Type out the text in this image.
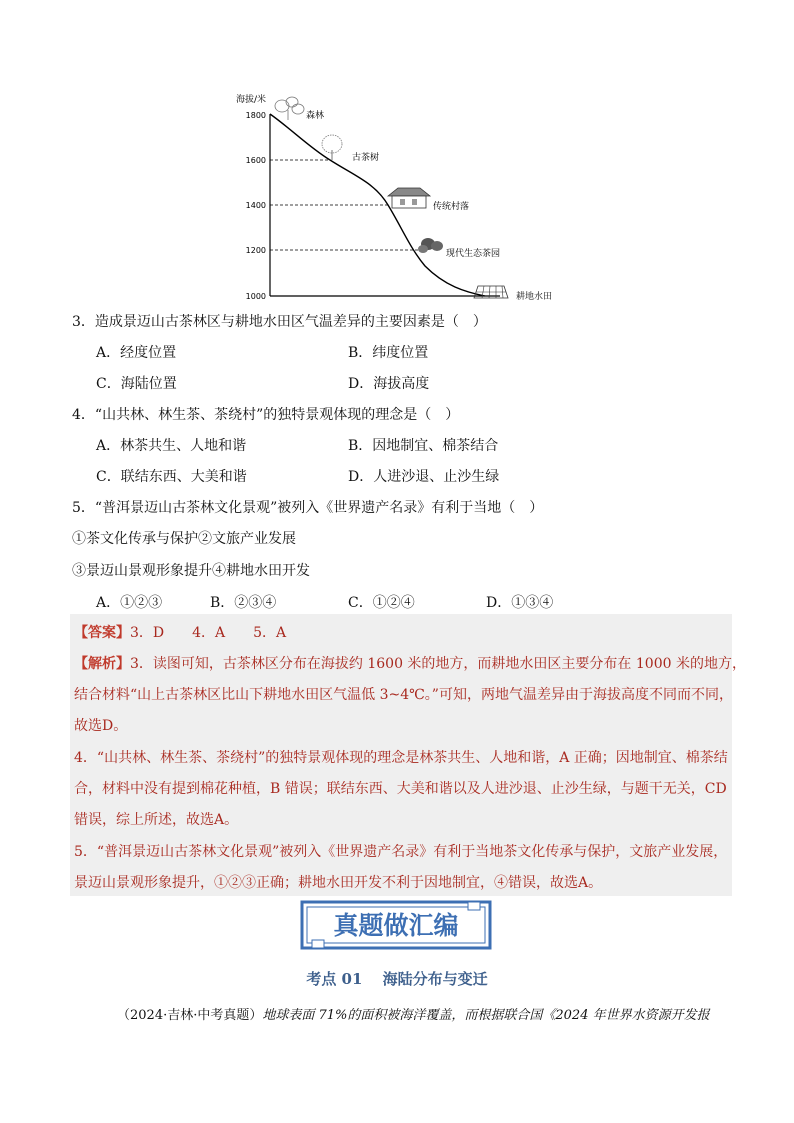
海拔/米
1800
1600
1400
1200
1000
森林
古茶树
传统村落
现代生态茶园
耕地水田
3．造成景迈山古茶林区与耕地水田区气温差异的主要因素是（　）
A．经度位置	B．纬度位置
C．海陆位置	D．海拔高度
4．“山共林、林生茶、茶绕村”的独特景观体现的理念是（　）
A．林茶共生、人地和谐	B．因地制宜、棉茶结合
C．联结东西、大美和谐	D．人进沙退、止沙生绿
5．“普洱景迈山古茶林文化景观”被列入《世界遗产名录》有利于当地（　）
①茶文化传承与保护②文旅产业发展
③景迈山景观形象提升④耕地水田开发
A．①②③	B．②③④	C．①②④	D．①③④
【答案】3．D　　4．A　　5．A
【解析】3．读图可知，古茶林区分布在海拔约 1600 米的地方，而耕地水田区主要分布在 1000 米的地方，
结合材料“山上古茶林区比山下耕地水田区气温低 3~4℃。”可知，两地气温差异由于海拔高度不同而不同，
故选D。
4．“山共林、林生茶、茶绕村”的独特景观体现的理念是林茶共生、人地和谐，A 正确；因地制宜、棉茶结
合，材料中没有提到棉花种植，B 错误；联结东西、大美和谐以及人进沙退、止沙生绿，与题干无关，CD
错误，综上所述，故选A。
5．“普洱景迈山古茶林文化景观”被列入《世界遗产名录》有利于当地茶文化传承与保护，文旅产业发展，
景迈山景观形象提升，①②③正确；耕地水田开发不利于因地制宜，④错误，故选A。
真题做汇编
考点 01　 海陆分布与变迁
（2024·吉林·中考真题）地球表面 71%的面积被海洋覆盖，而根据联合国《2024 年世界水资源开发报
